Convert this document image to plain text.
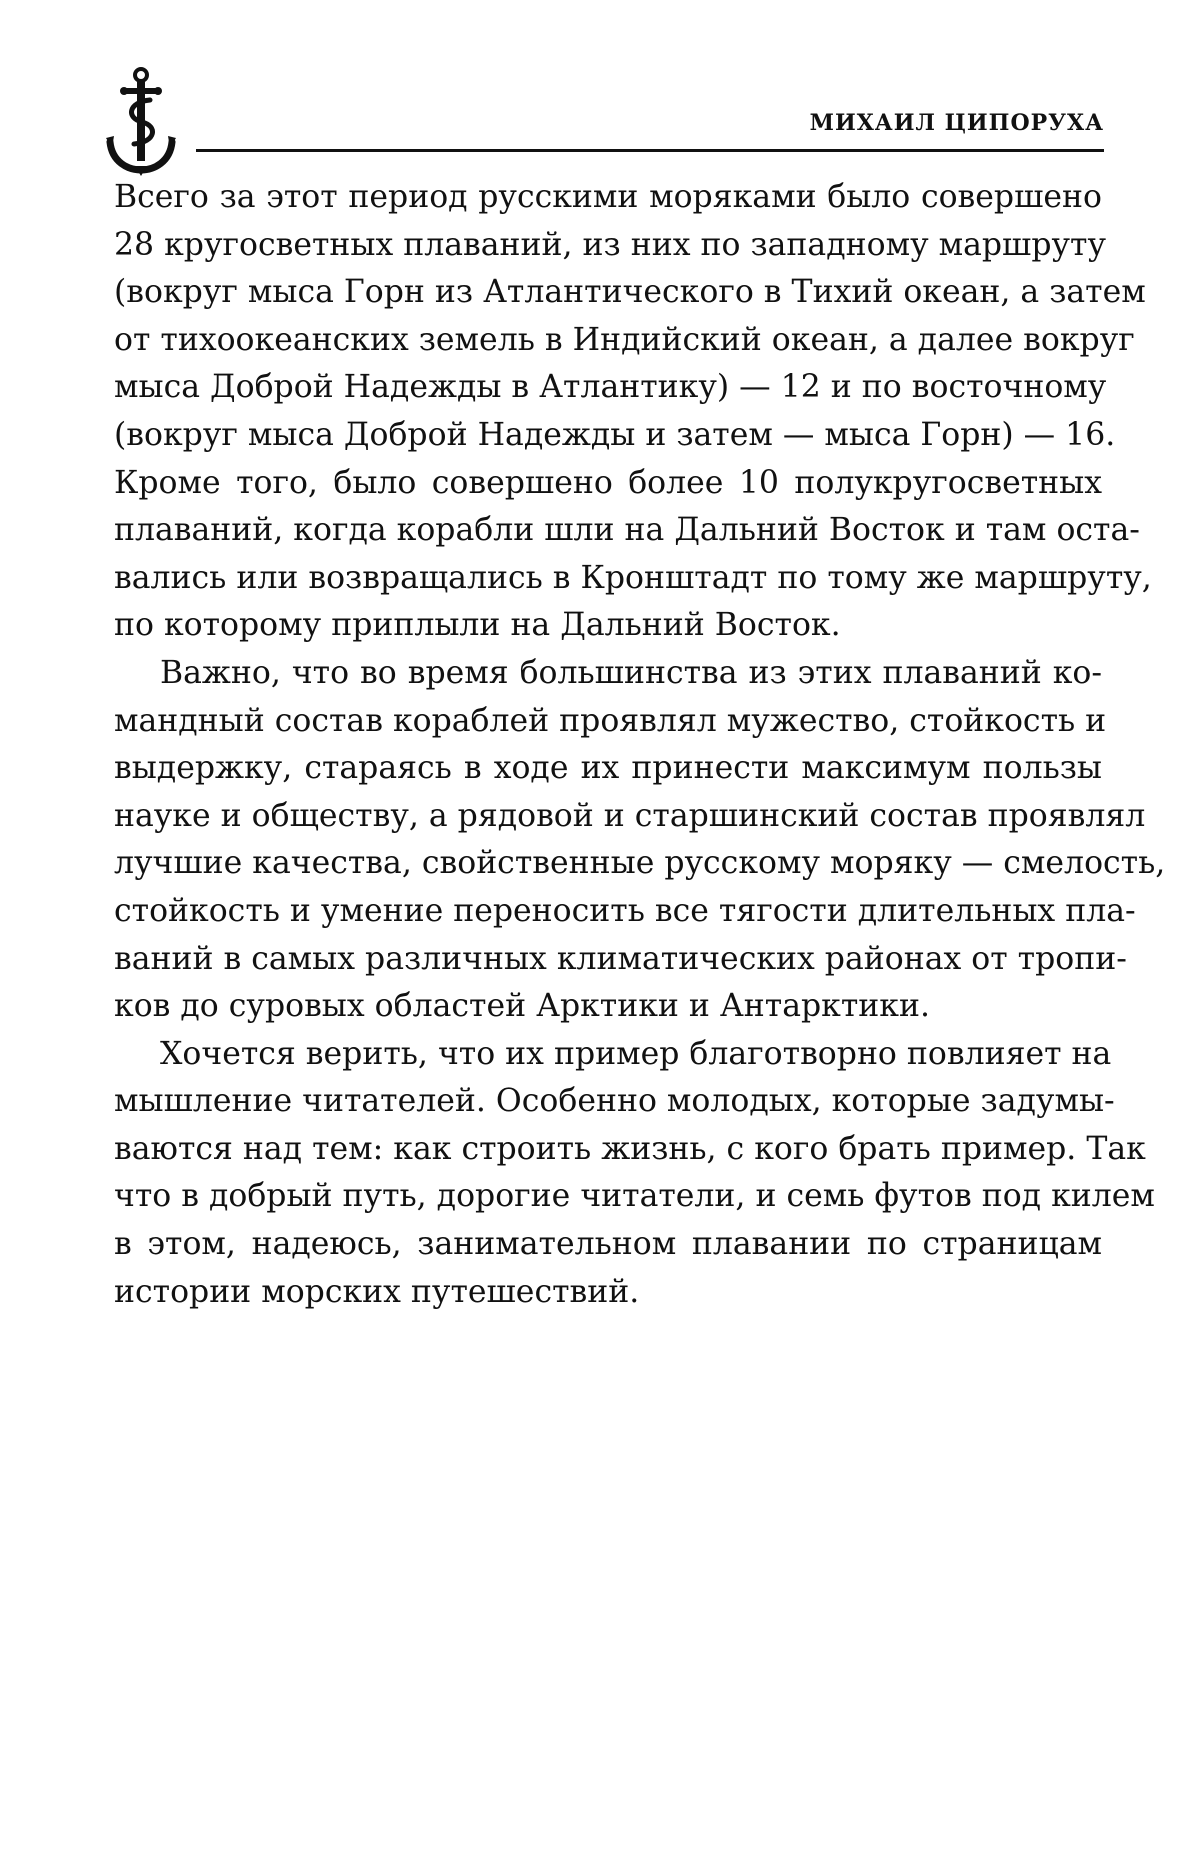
МИХАИЛ ЦИПОРУХА
Всего за этот период русскими моряками было совершено
28 кругосветных плаваний, из них по западному маршруту
(вокруг мыса Горн из Атлантического в Тихий океан, а затем
от тихоокеанских земель в Индийский океан, а далее вокруг
мыса Доброй Надежды в Атлантику) — 12 и по восточному
(вокруг мыса Доброй Надежды и затем — мыса Горн) — 16.
Кроме того, было совершено более 10 полукругосветных
плаваний, когда корабли шли на Дальний Восток и там оста-
вались или возвращались в Кронштадт по тому же маршруту,
по которому приплыли на Дальний Восток.
Важно, что во время большинства из этих плаваний ко-
мандный состав кораблей проявлял мужество, стойкость и
выдержку, стараясь в ходе их принести максимум пользы
науке и обществу, а рядовой и старшинский состав проявлял
лучшие качества, свойственные русскому моряку — смелость,
стойкость и умение переносить все тягости длительных пла-
ваний в самых различных климатических районах от тропи-
ков до суровых областей Арктики и Антарктики.
Хочется верить, что их пример благотворно повлияет на
мышление читателей. Особенно молодых, которые задумы-
ваются над тем: как строить жизнь, с кого брать пример. Так
что в добрый путь, дорогие читатели, и семь футов под килем
в этом, надеюсь, занимательном плавании по страницам
истории морских путешествий.
